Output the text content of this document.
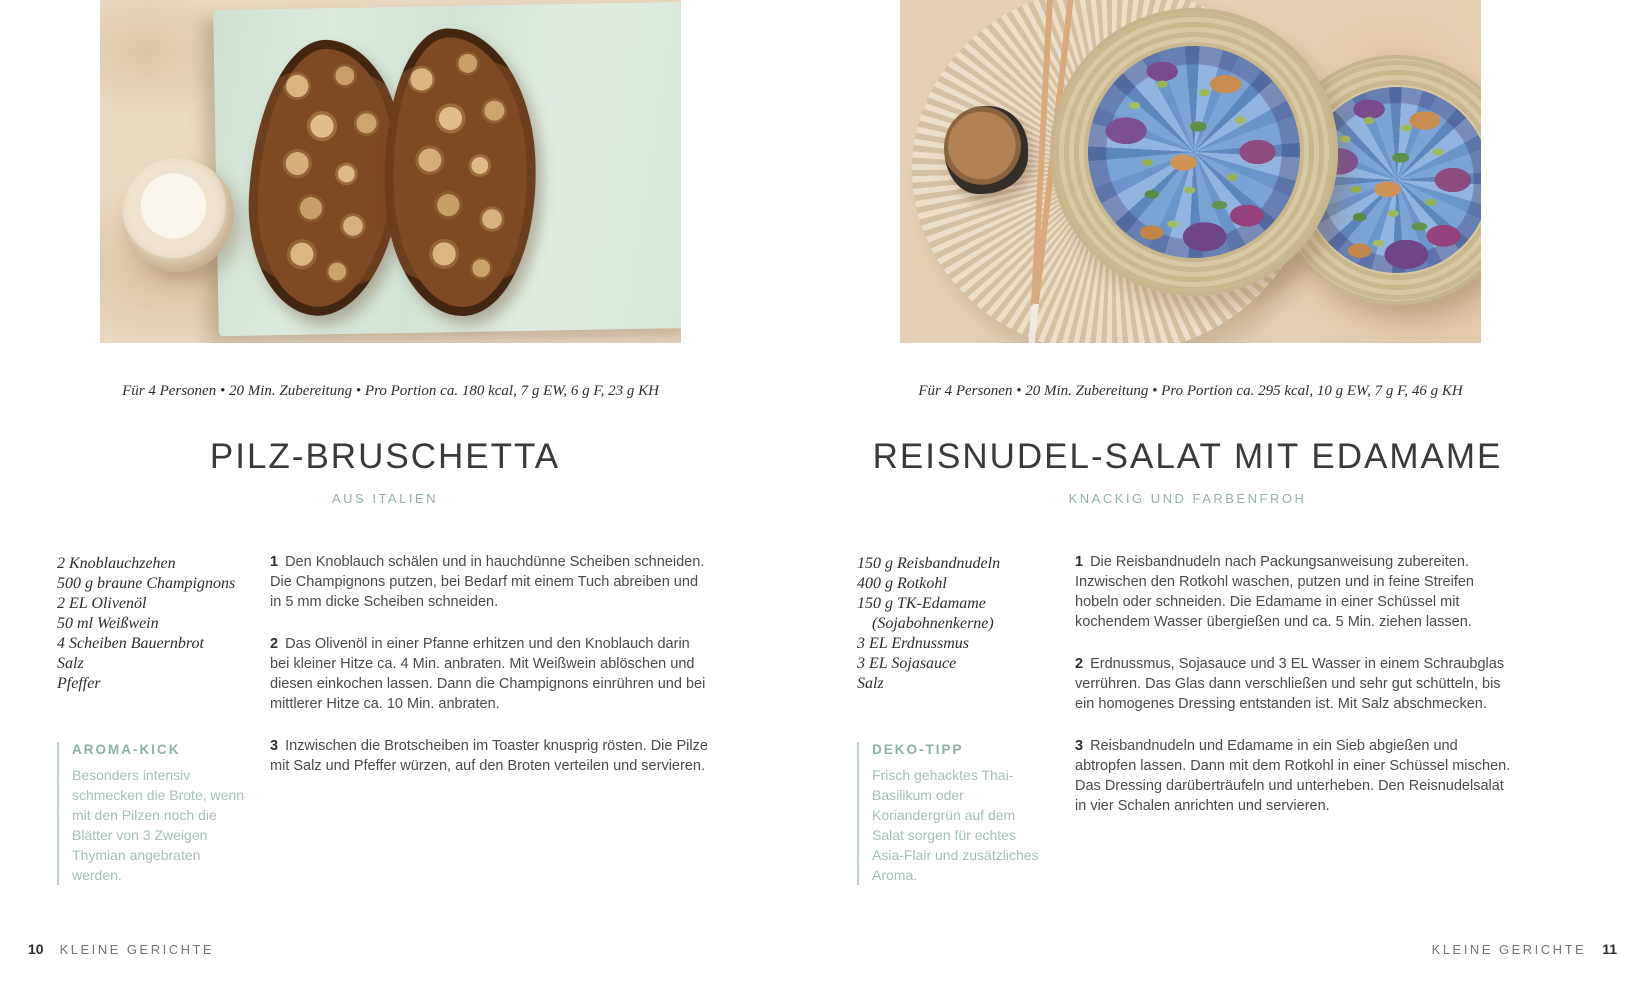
Für 4 Personen • 20 Min. Zubereitung • Pro Portion ca. 180 kcal, 7 g EW, 6 g F, 23 g KH
PILZ-BRUSCHETTA
AUS ITALIEN
2 Knoblauchzehen
500 g braune Champignons
2 EL Olivenöl
50 ml Weißwein
4 Scheiben Bauernbrot
Salz
Pfeffer
1 Den Knoblauch schälen und in hauchdünne Scheiben schneiden. Die Champignons putzen, bei Bedarf mit einem Tuch abreiben und in 5 mm dicke Scheiben schneiden.
2 Das Olivenöl in einer Pfanne erhitzen und den Knoblauch darin bei kleiner Hitze ca. 4 Min. anbraten. Mit Weißwein ablöschen und diesen einkochen lassen. Dann die Champignons einrühren und bei mittlerer Hitze ca. 10 Min. anbraten.
3 Inzwischen die Brotscheiben im Toaster knusprig rösten. Die Pilze mit Salz und Pfeffer würzen, auf den Broten verteilen und servieren.
AROMA-KICK
Besonders intensiv schmecken die Brote, wenn mit den Pilzen noch die Blätter von 3 Zweigen Thymian angebraten werden.
10 KLEINE GERICHTE
Für 4 Personen • 20 Min. Zubereitung • Pro Portion ca. 295 kcal, 10 g EW, 7 g F, 46 g KH
REISNUDEL-SALAT MIT EDAMAME
KNACKIG UND FARBENFROH
150 g Reisbandnudeln
400 g Rotkohl
150 g TK-Edamame
(Sojabohnenkerne)
3 EL Erdnussmus
3 EL Sojasauce
Salz
1 Die Reisbandnudeln nach Packungsanweisung zubereiten. Inzwischen den Rotkohl waschen, putzen und in feine Streifen hobeln oder schneiden. Die Edamame in einer Schüssel mit kochendem Wasser übergießen und ca. 5 Min. ziehen lassen.
2 Erdnussmus, Sojasauce und 3 EL Wasser in einem Schraubglas verrühren. Das Glas dann verschließen und sehr gut schütteln, bis ein homogenes Dressing entstanden ist. Mit Salz abschmecken.
3 Reisbandnudeln und Edamame in ein Sieb abgießen und abtropfen lassen. Dann mit dem Rotkohl in einer Schüssel mischen. Das Dressing darüberträufeln und unterheben. Den Reisnudelsalat in vier Schalen anrichten und servieren.
DEKO-TIPP
Frisch gehacktes Thai-Basilikum oder Koriandergrün auf dem Salat sorgen für echtes Asia-Flair und zusätzliches Aroma.
KLEINE GERICHTE 11
